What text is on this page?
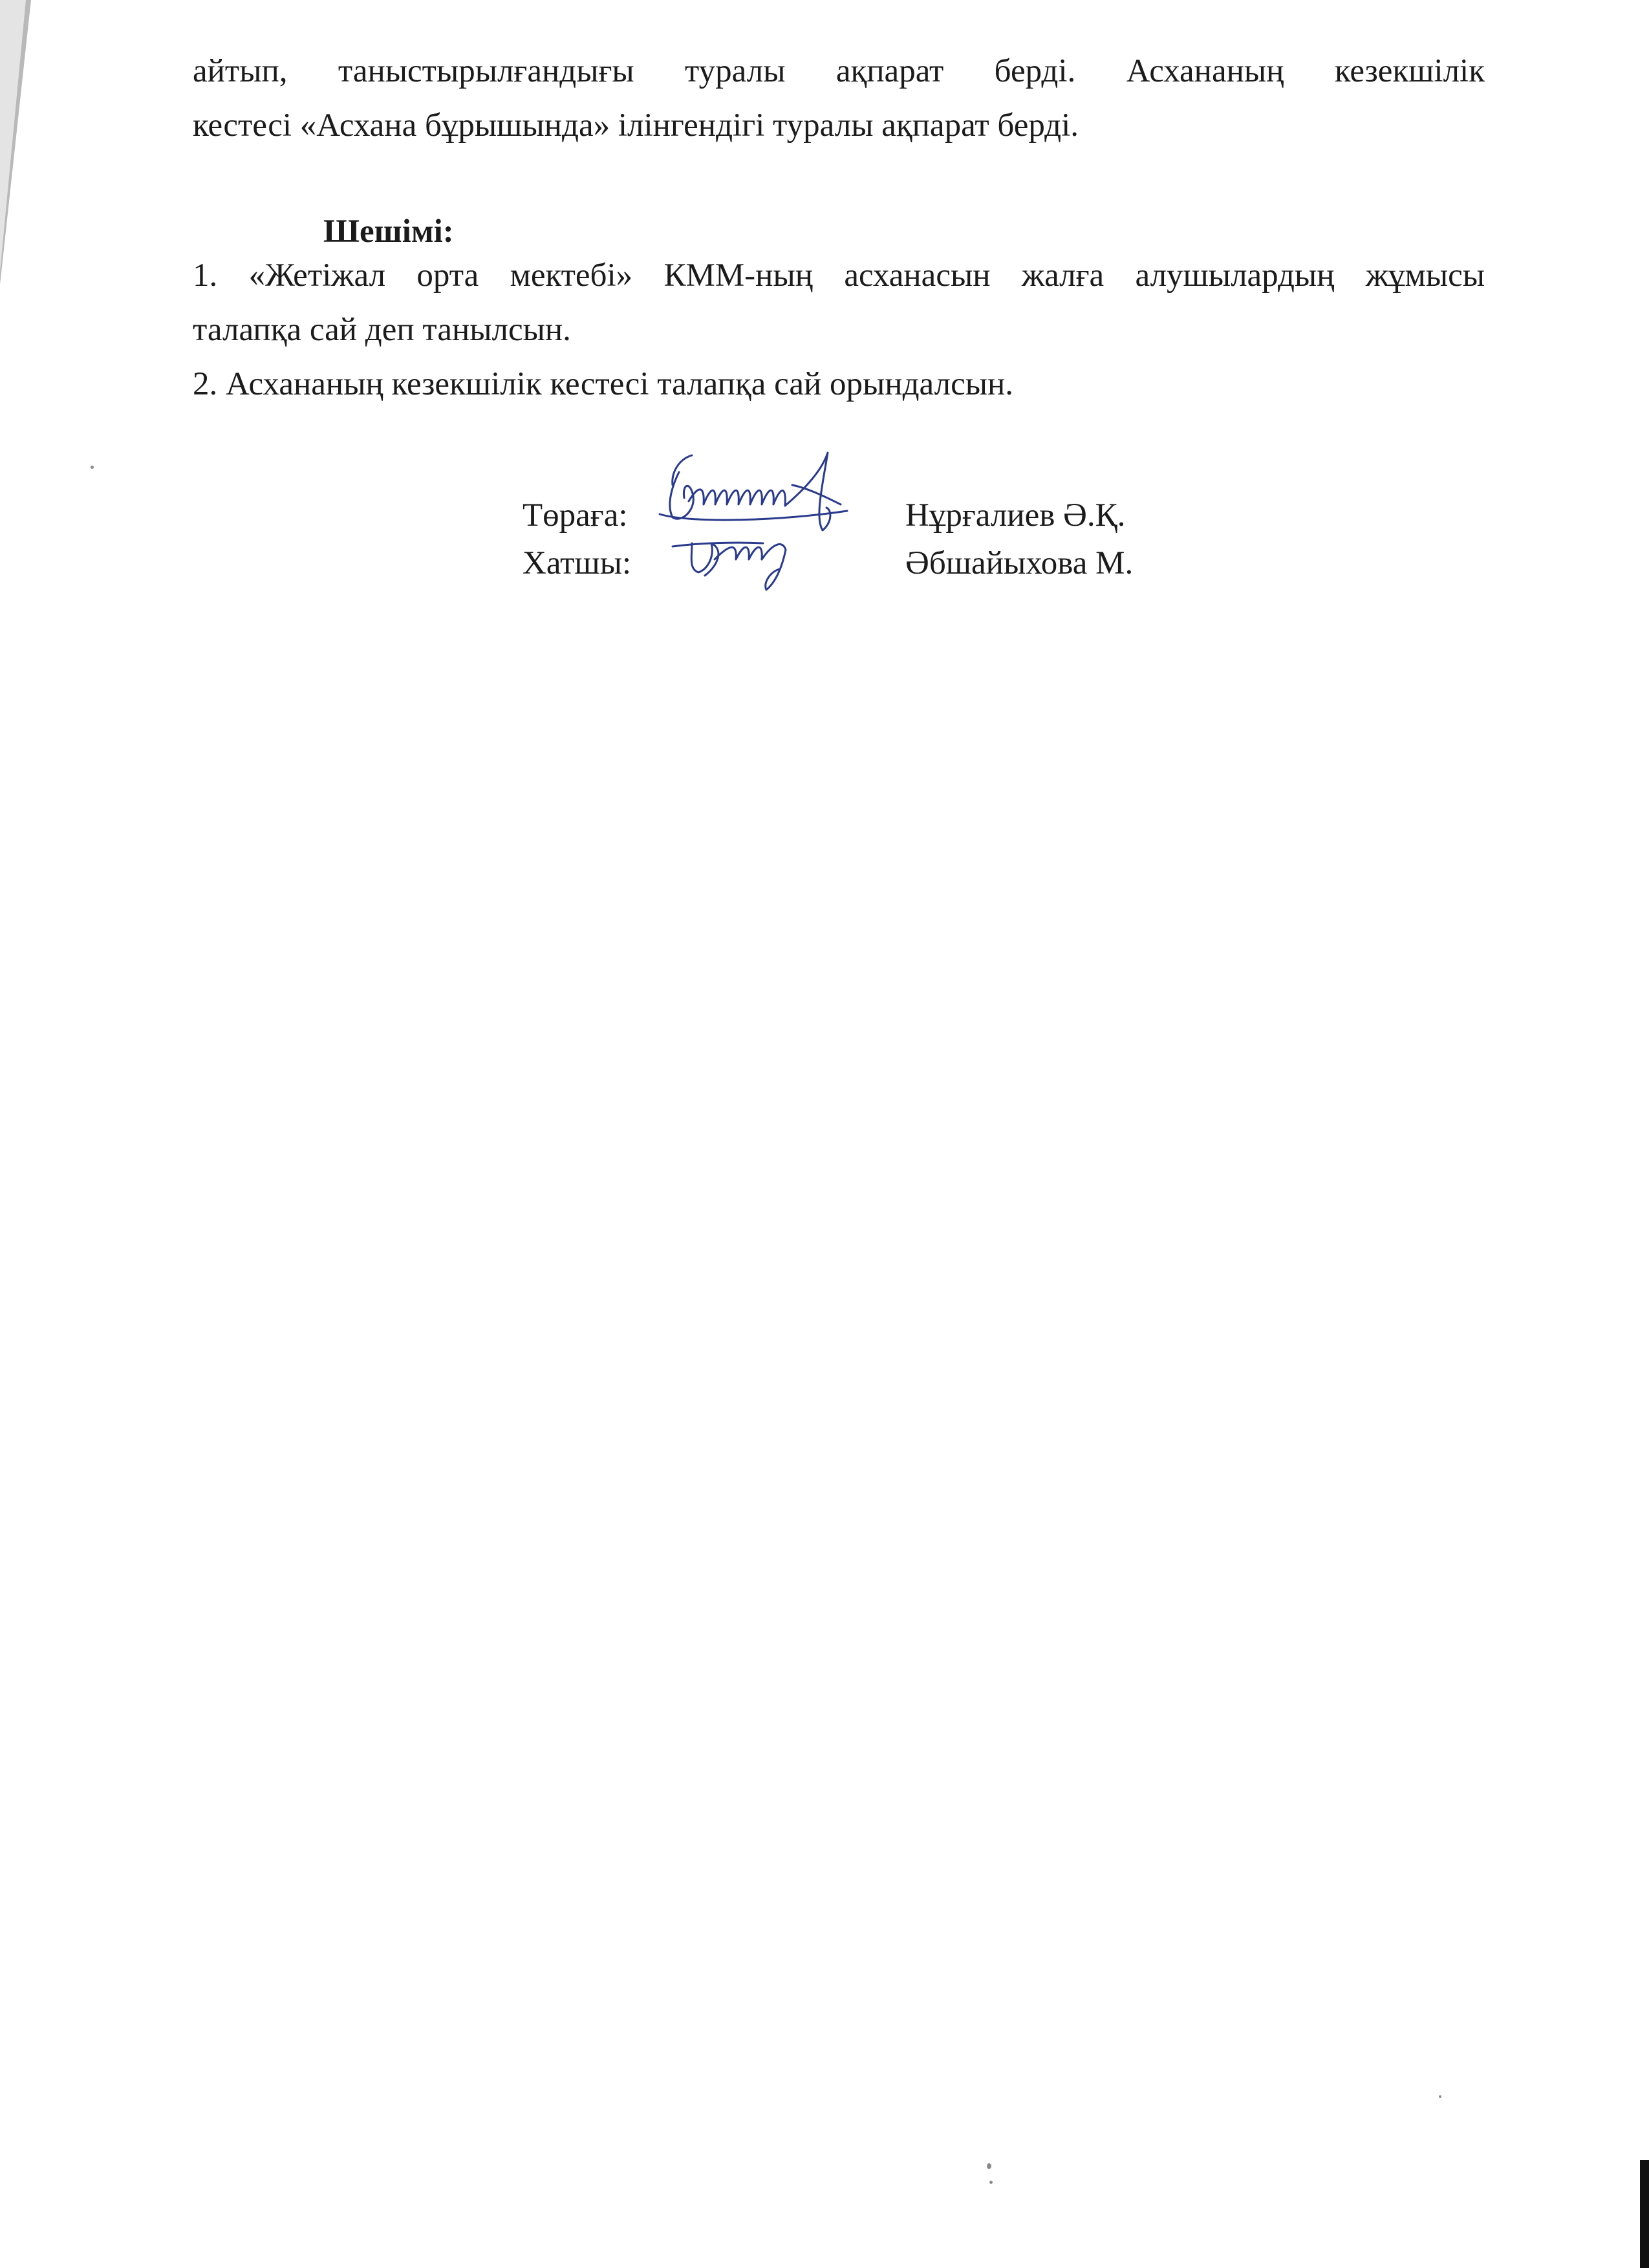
айтып, таныстырылғандығы туралы ақпарат берді. Асхананың кезекшілік
кестесі «Асхана бұрышында» ілінгендігі туралы ақпарат берді.
Шешімі:
1. «Жетіжал орта мектебі» КММ-ның асханасын жалға алушылардың жұмысы
талапқа сай деп танылсын.
2. Асхананың кезекшілік кестесі талапқа сай орындалсын.
Төраға:	Нұрғалиев Ә.Қ.
Хатшы:	Әбшайыхова М.
